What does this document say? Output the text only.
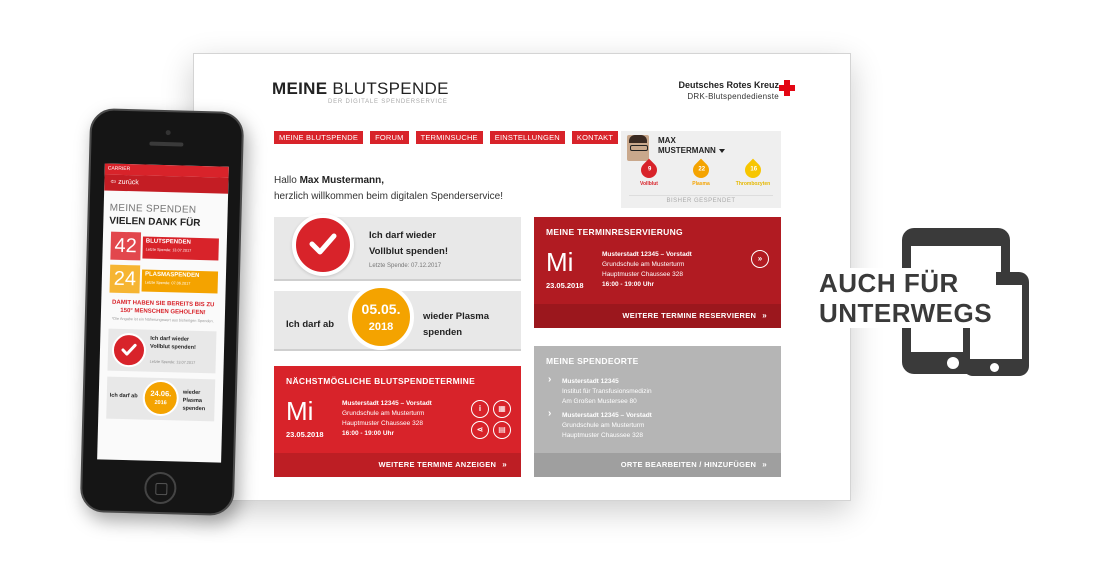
MEINE BLUTSPENDE
DER DIGITALE SPENDERSERVICE
Deutsches Rotes Kreuz
DRK-Blutspendedienste
MEINE BLUTSPENDE	FORUM	TERMINSUCHE	EINSTELLUNGEN	KONTAKT	MAX
MUSTERMANN
9
Vollblut
22
Plasma
16
Thrombozyten
BISHER GESPENDET
Hallo Max Mustermann,
herzlich willkommen beim digitalen Spenderservice!
Ich darf wieder
Vollblut spenden!
Letzte Spende: 07.12.2017
Ich darf ab
05.05.
2018
wieder Plasma
spenden
NÄCHSTMÖGLICHE BLUTSPENDETERMINE
Mi
23.05.2018
Musterstadt 12345 – Vorstadt
Grundschule am Musterturm
Hauptmuster Chaussee 328
16:00 - 19:00 Uhr
i	▦
⋖	▤
WEITERE TERMINE ANZEIGEN »
MEINE TERMINRESERVIERUNG
Mi
23.05.2018
Musterstadt 12345 – Vorstadt
Grundschule am Musterturm
Hauptmuster Chaussee 328
16:00 - 19:00 Uhr
»
WEITERE TERMINE RESERVIEREN »
MEINE SPENDEORTE
› Musterstadt 12345
Institut für Transfusionsmedizin
Am Großen Mustersee 80
› Musterstadt 12345 – Vorstadt
Grundschule am Musterturm
Hauptmuster Chaussee 328
ORTE BEARBEITEN / HINZUFÜGEN »
CARRIER
⇦ zurück
MEINE SPENDEN
VIELEN DANK FÜR
42	BLUTSPENDEN
Letzte Spende: 13.07.2017
24	PLASMASPENDEN
Letzte Spende: 07.06.2017
DAMIT HABEN SIE BEREITS BIS ZU 150° MENSCHEN GEHOLFEN!
*Die Angabe ist ein Näherungswert aus bisherigen Spenden.
Ich darf wieder
Vollblut spenden!
Letzte Spende: 13.07.2017
Ich darf ab	24.06.
2016
wieder Plasma
spenden
AUCH FÜR
UNTERWEGS
